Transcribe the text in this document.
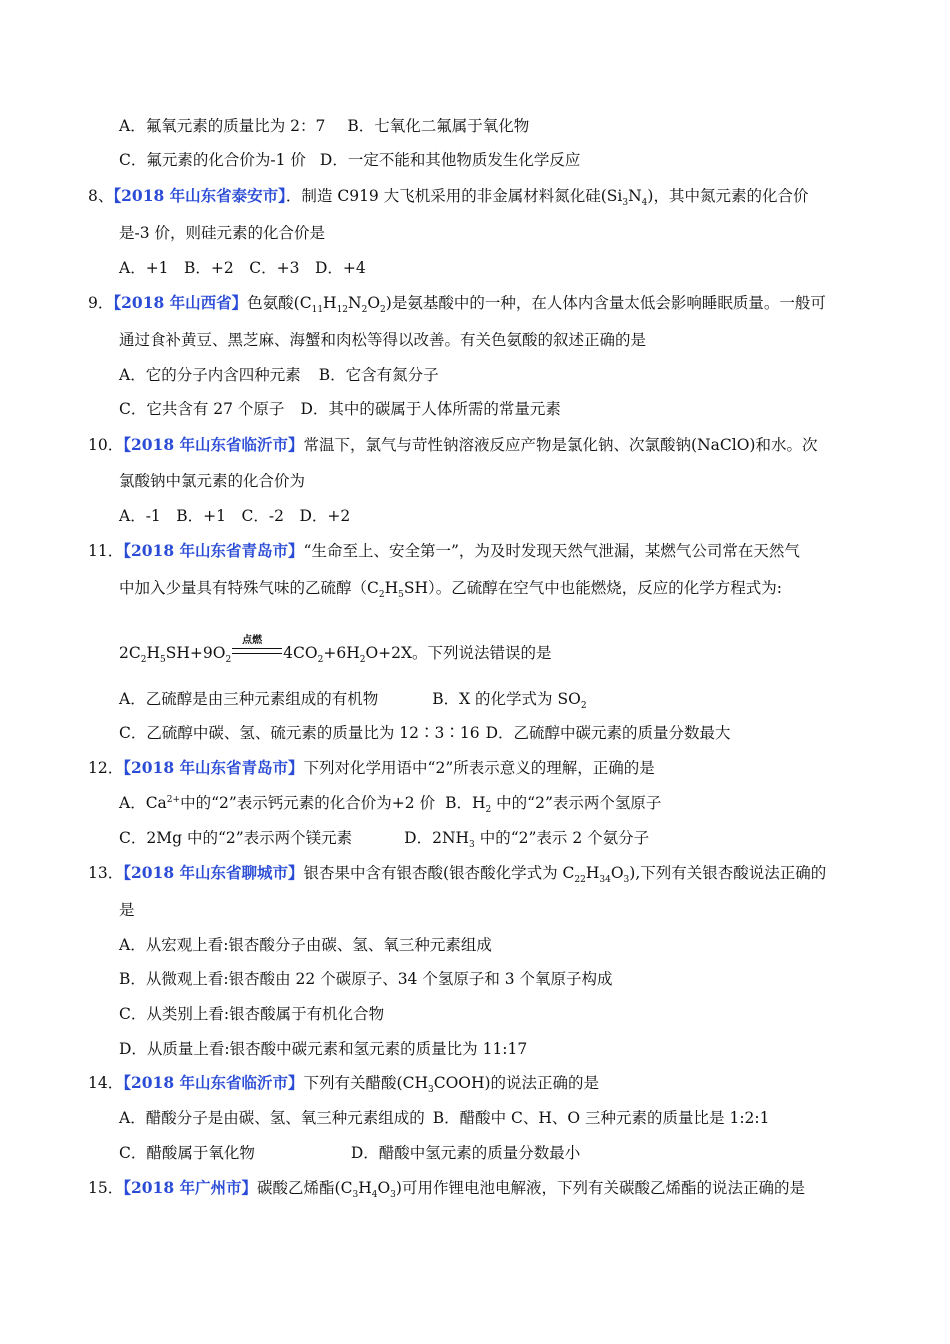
A．氟氧元素的质量比为 2：7 B．七氧化二氟属于氧化物
C．氟元素的化合价为-1 价 D．一定不能和其他物质发生化学反应
8、【2018 年山东省泰安市】．制造 C919 大飞机采用的非金属材料氮化硅$(Si_3N_4)$，其中氮元素的化合价
是-3 价，则硅元素的化合价是
A．+1　B．+2　C．+3　D．+4
9．【2018 年山西省】色氨酸$(C_{11}H_{12}N_2O_2)$是氨基酸中的一种，在人体内含量太低会影响睡眠质量。一般可
通过食补黄豆、黑芝麻、海蟹和肉松等得以改善。有关色氨酸的叙述正确的是
A．它的分子内含四种元素 B．它含有氮分子
C．它共含有 27 个原子 D．其中的碳属于人体所需的常量元素
10．【2018 年山东省临沂市】常温下，氯气与苛性钠溶液反应产物是氯化钠、次氯酸钠(NaClO)和水。次
氯酸钠中氯元素的化合价为
A．-1　B．+1　C．-2　D．+2
11．【2018 年山东省青岛市】“生命至上、安全第一”，为及时发现天然气泄漏，某燃气公司常在天然气
中加入少量具有特殊气味的乙硫醇$(C_2H_5SH)$。乙硫醇在空气中也能燃烧，反应的化学方程式为:
$2C_2H_5SH+9O_2$
点燃
$4CO_2+6H_2O+2X$。下列说法错误的是
A．乙硫醇是由三种元素组成的有机物	B．X 的化学式为 $SO_2$
C．乙硫醇中碳、氢、硫元素的质量比为 12∶3∶16 D．乙硫醇中碳元素的质量分数最大
12．【2018 年山东省青岛市】下列对化学用语中“2”所表示意义的理解，正确的是
A．$Ca^{2+}$中的“2”表示钙元素的化合价为+2 价 B．$H_2$ 中的“2”表示两个氢原子
C．2Mg 中的“2”表示两个镁元素	D．$2NH_3$ 中的“2”表示 2 个氨分子
13．【2018 年山东省聊城市】银杏果中含有银杏酸(银杏酸化学式为 $C_{22}H_{34}O_3$),下列有关银杏酸说法正确的
是
A．从宏观上看:银杏酸分子由碳、氢、氧三种元素组成
B．从微观上看:银杏酸由 22 个碳原子、34 个氢原子和 3 个氧原子构成
C．从类别上看:银杏酸属于有机化合物
D．从质量上看:银杏酸中碳元素和氢元素的质量比为 11:17
14．【2018 年山东省临沂市】下列有关醋酸$(CH_3COOH)$的说法正确的是
A．醋酸分子是由碳、氢、氧三种元素组成的 B．醋酸中 C、H、O 三种元素的质量比是 1:2:1
C．醋酸属于氧化物	D．醋酸中氢元素的质量分数最小
15．【2018 年广州市】碳酸乙烯酯$(C_3H_4O_3)$可用作锂电池电解液，下列有关碳酸乙烯酯的说法正确的是
